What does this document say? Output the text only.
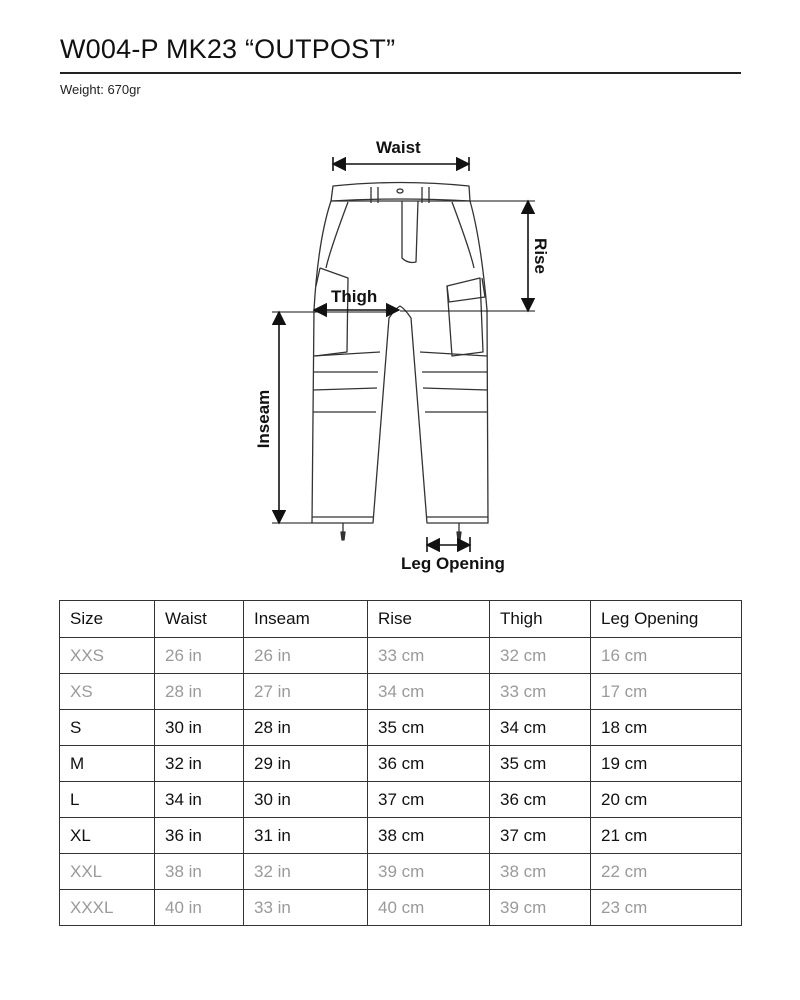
W004-P MK23 “OUTPOST”
Weight: 670gr
Waist
Rise
Thigh
Inseam
Leg Opening
Size	Waist	Inseam	Rise	Thigh	Leg Opening
XXS	26 in	26 in	33 cm	32 cm	16 cm
XS	28 in	27 in	34 cm	33 cm	17 cm
S	30 in	28 in	35 cm	34 cm	18 cm
M	32 in	29 in	36 cm	35 cm	19 cm
L	34 in	30 in	37 cm	36 cm	20 cm
XL	36 in	31 in	38 cm	37 cm	21 cm
XXL	38 in	32 in	39 cm	38 cm	22 cm
XXXL	40 in	33 in	40 cm	39 cm	23 cm
